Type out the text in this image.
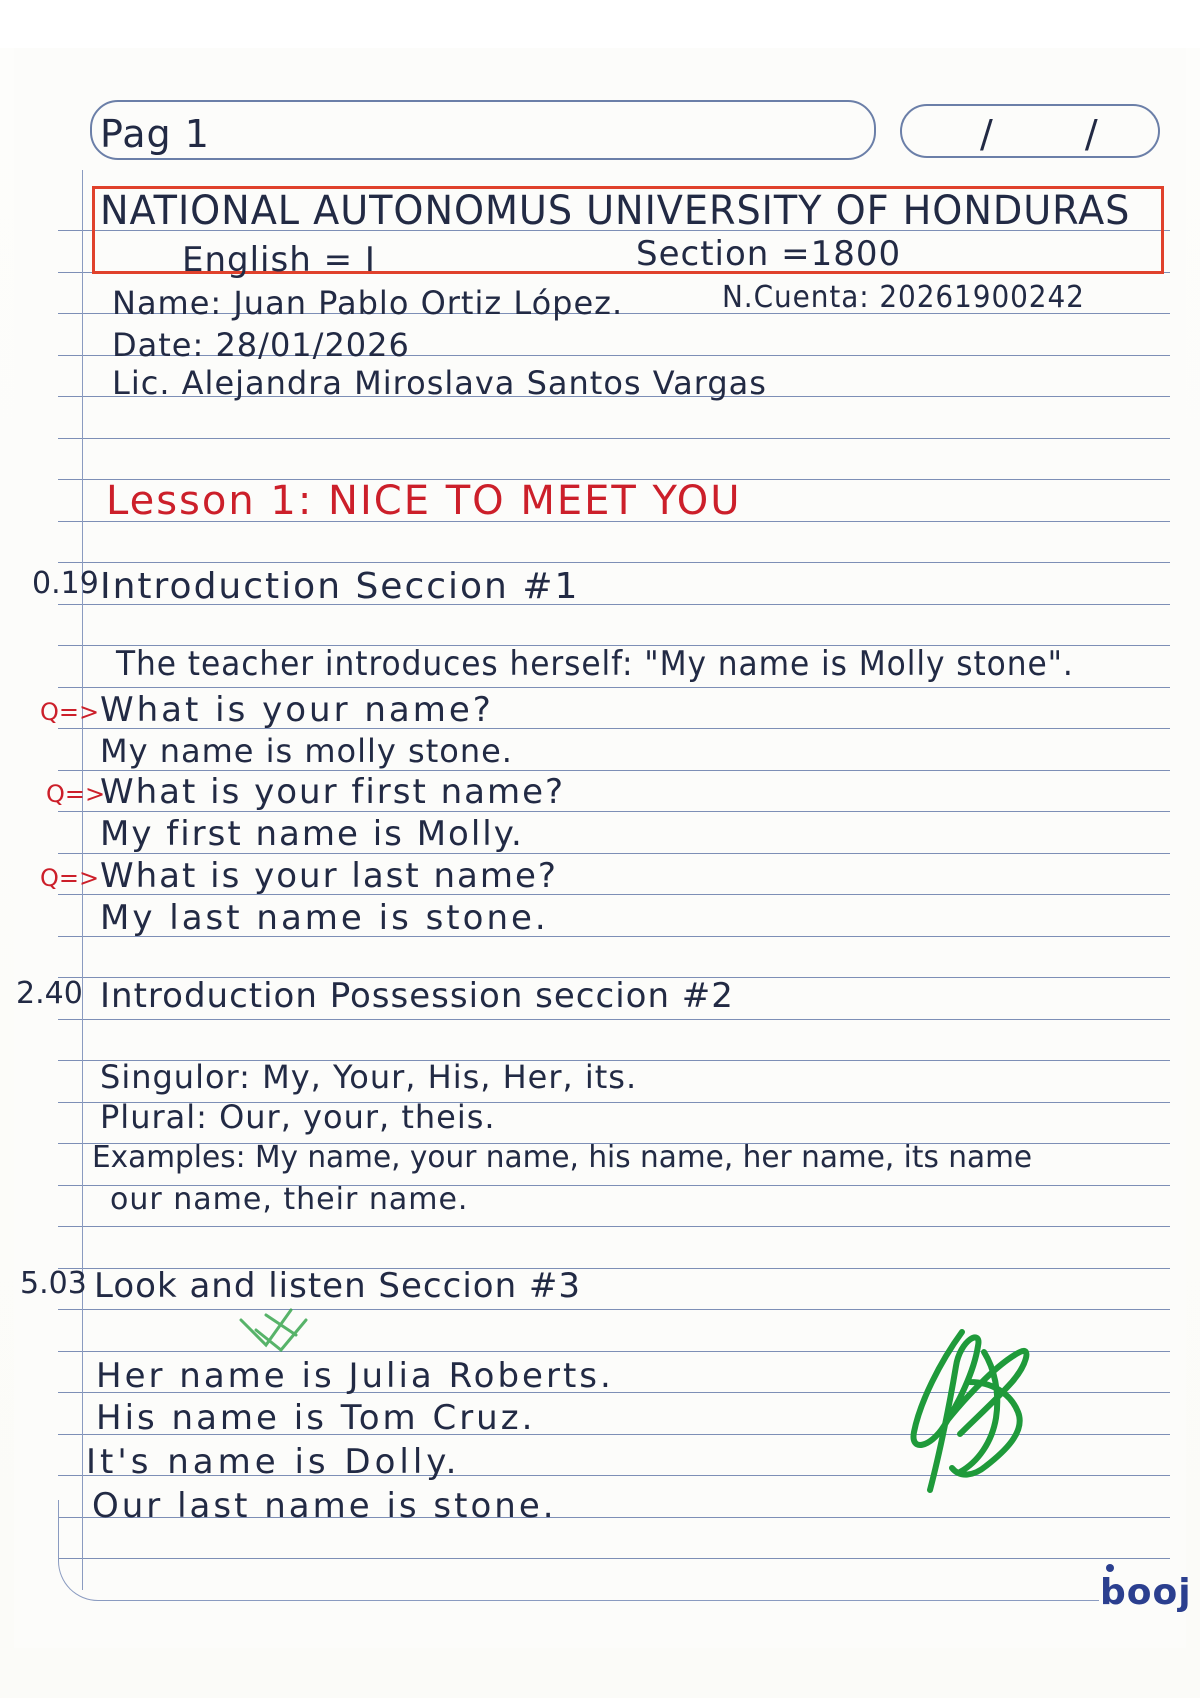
Pag 1	/ /
NATIONAL AUTONOMUS UNIVERSITY OF HONDURAS
English = I	Section =1800
Name: Juan Pablo Ortiz López.	N.Cuenta: 20261900242
Date: 28/01/2026
Lic. Alejandra Miroslava Santos Vargas
Lesson 1: NICE TO MEET YOU
0.19 Introduction Seccion #1
The teacher introduces herself: "My name is Molly stone".
Q=> What is your name?
My name is molly stone.
Q=>
What is your first name?
My first name is Molly.
Q=> What is your last name?
My last name is stone.
2.40 Introduction Possession seccion #2
Singulor: My, Your, His, Her, its.
Plural: Our, your, theis.
Examples: My name, your name, his name, her name, its name
our name, their name.
5.03 Look and listen Seccion #3
Her name is Julia Roberts.
His name is Tom Cruz.
It's name is Dolly.
Our last name is stone.
booj
